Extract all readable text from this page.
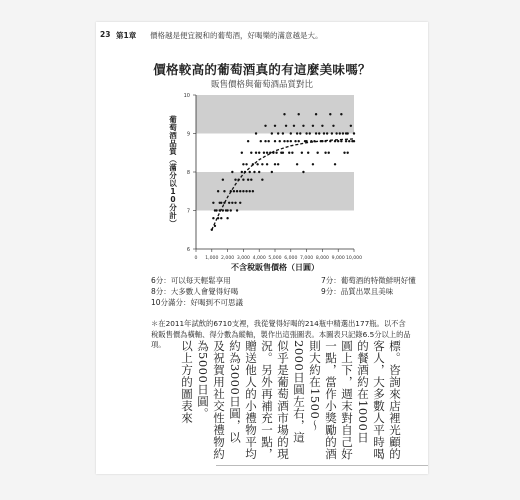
23 第1章 價格越是便宜親和的葡萄酒，好喝樂的滿意越是大。
價格較高的葡萄酒真的有這麼美味嗎？
販售價格與葡萄酒品質對比
0 1,000 2,000 3,000 4,000 5,000 6,000 7,000 8,000 9,000 10,000
6
7
8
9
10
不含稅販售價格（日圓）
葡萄酒品質︵滿分以 1 0 分計︶
6分：可以每天輕鬆享用	7分：葡萄酒的特徵鮮明好懂
8分：大多數人會覺得好喝	9分：品質出眾且美味
10分滿分：好喝到不可思議
＊在2011年試飲的6710支裡，我從覺得好喝的214瓶中精選出177瓶。以不含稅販售價為橫軸、得分數為縱軸，製作出這張圖表。本圖表只記錄6.5分以上的品項。	標。咨詢來店裡光顧的
客人，大多數人平時喝
的餐酒約在1000日
圓上下，週末對自己好
一點，當作小獎勵的酒
則大約在1500～
2000日圓左右，這
似乎是葡萄酒市場的現
況。另外再補充一點，
贈送他人的小禮物平均
約為3000日圓，以
及祝賀用社交性禮物約
為5000日圓。
以上方的圖表來
